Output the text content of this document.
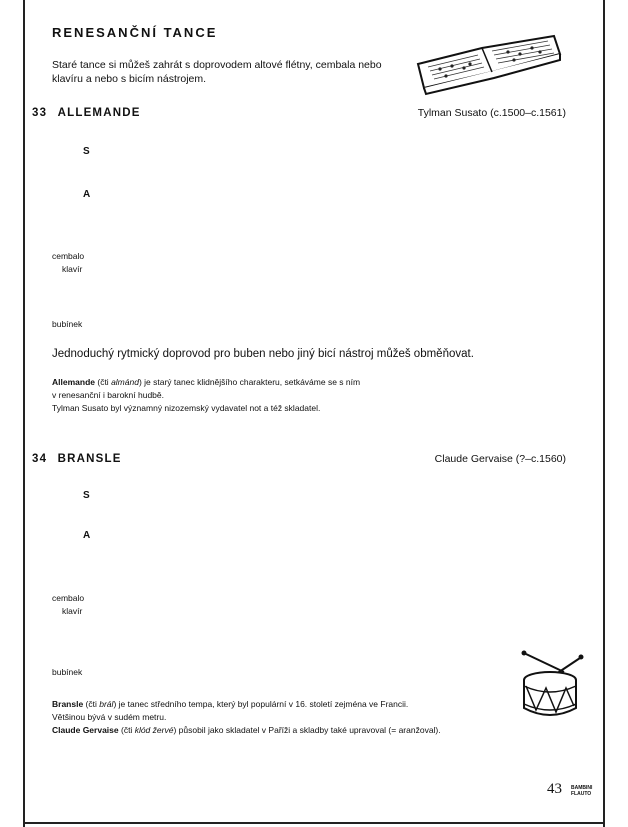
RENESANČNÍ TANCE
Staré tance si můžeš zahrát s doprovodem altové flétny, cembala nebo klavíru a nebo s bicím nástrojem.
33 ALLEMANDE	Tylman Susato (c.1500–c.1561)
S
A
cembalo
klavír
bubínek
Jednoduchý rytmický doprovod pro buben nebo jiný bicí nástroj můžeš obměňovat.
Allemande (čti almánd) je starý tanec klidnějšího charakteru, setkáváme se s ním
v renesanční i barokní hudbě.
Tylman Susato byl významný nizozemský vydavatel not a též skladatel.
34 BRANSLE	Claude Gervaise (?–c.1560)
S
A
cembalo
klavír
bubínek
Bransle (čti brál) je tanec středního tempa, který byl populární v 16. století zejména ve Francii.
Většinou bývá v sudém metru.
Claude Gervaise (čti klód žervé) působil jako skladatel v Paříži a skladby také upravoval (= aranžoval).
43 BAMBINI
FLAUTO
